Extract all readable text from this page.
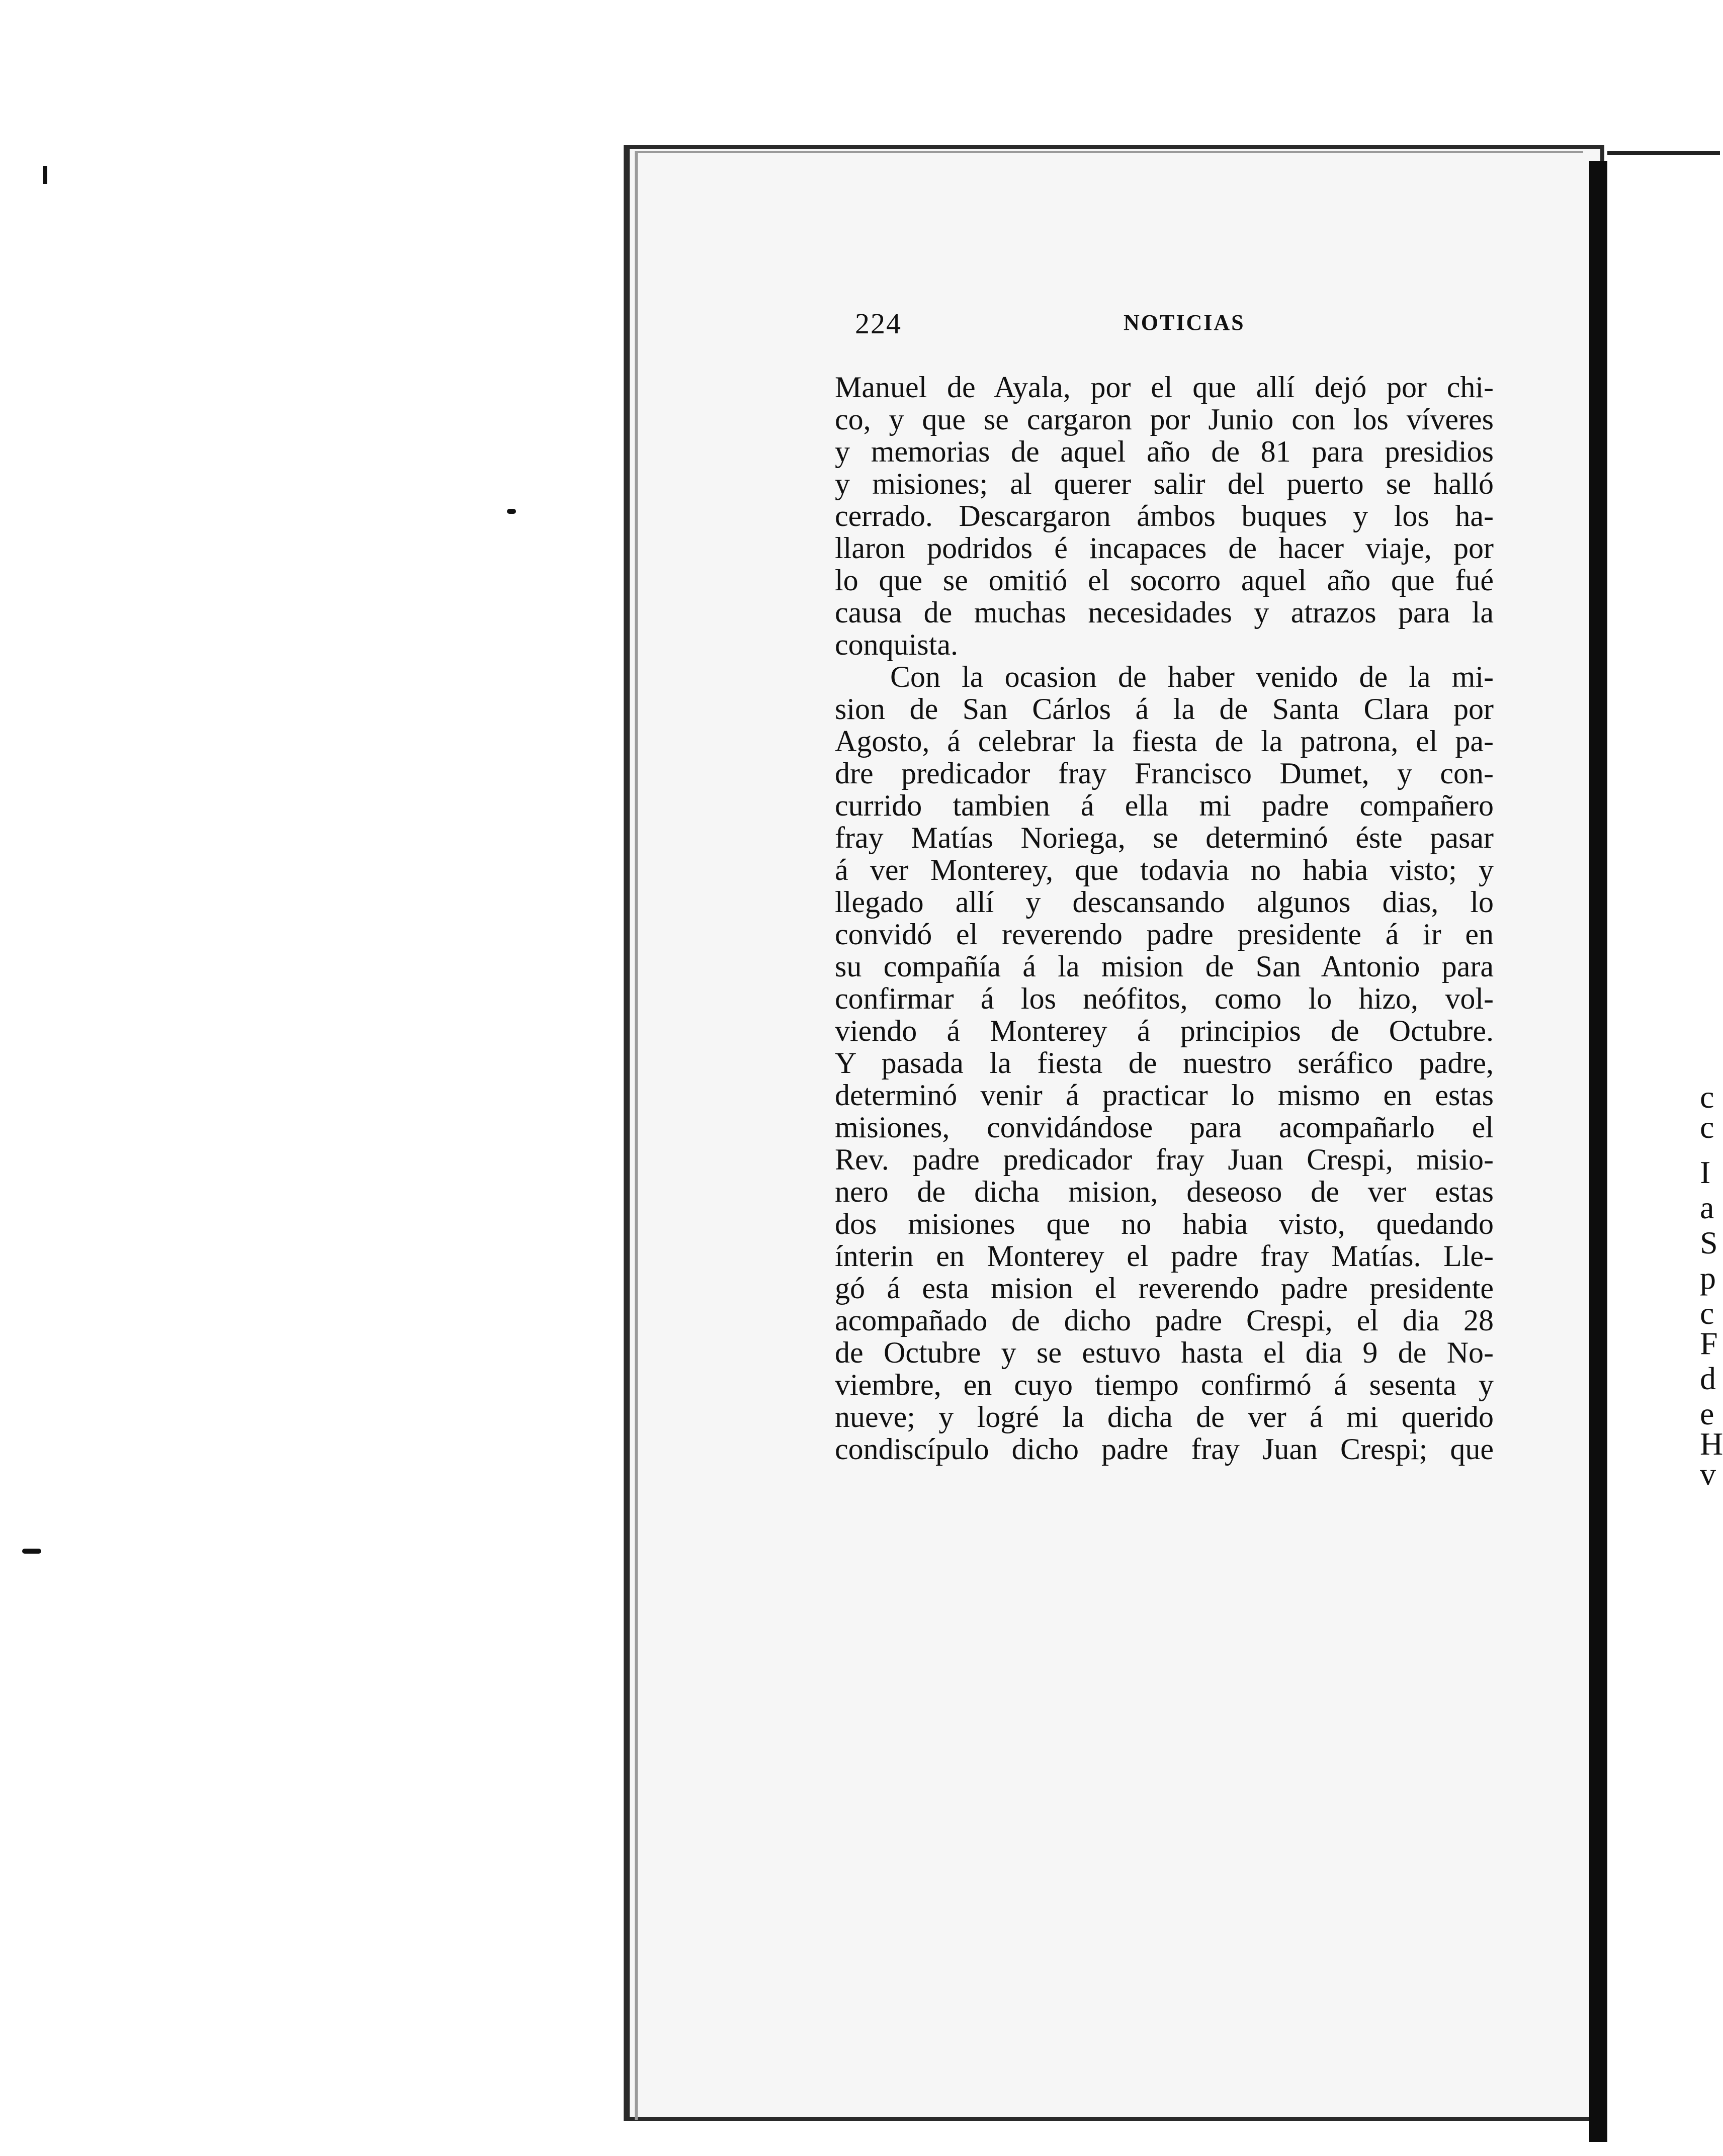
c
c
I
a
S
p
c
F
d
e
H
v
224	NOTICIAS
Manuel de Ayala, por el que allí dejó por chi-
co, y que se cargaron por Junio con los víveres
y memorias de aquel año de 81 para presidios
y misiones; al querer salir del puerto se halló
cerrado. Descargaron ámbos buques y los ha-
llaron podridos é incapaces de hacer viaje, por
lo que se omitió el socorro aquel año que fué
causa de muchas necesidades y atrazos para la
conquista.
Con la ocasion de haber venido de la mi-
sion de San Cárlos á la de Santa Clara por
Agosto, á celebrar la fiesta de la patrona, el pa-
dre predicador fray Francisco Dumet, y con-
currido tambien á ella mi padre compañero
fray Matías Noriega, se determinó éste pasar
á ver Monterey, que todavia no habia visto; y
llegado allí y descansando algunos dias, lo
convidó el reverendo padre presidente á ir en
su compañía á la mision de San Antonio para
confirmar á los neófitos, como lo hizo, vol-
viendo á Monterey á principios de Octubre.
Y pasada la fiesta de nuestro seráfico padre,
determinó venir á practicar lo mismo en estas
misiones, convidándose para acompañarlo el
Rev. padre predicador fray Juan Crespi, misio-
nero de dicha mision, deseoso de ver estas
dos misiones que no habia visto, quedando
ínterin en Monterey el padre fray Matías. Lle-
gó á esta mision el reverendo padre presidente
acompañado de dicho padre Crespi, el dia 28
de Octubre y se estuvo hasta el dia 9 de No-
viembre, en cuyo tiempo confirmó á sesenta y
nueve; y logré la dicha de ver á mi querido
condiscípulo dicho padre fray Juan Crespi; que
